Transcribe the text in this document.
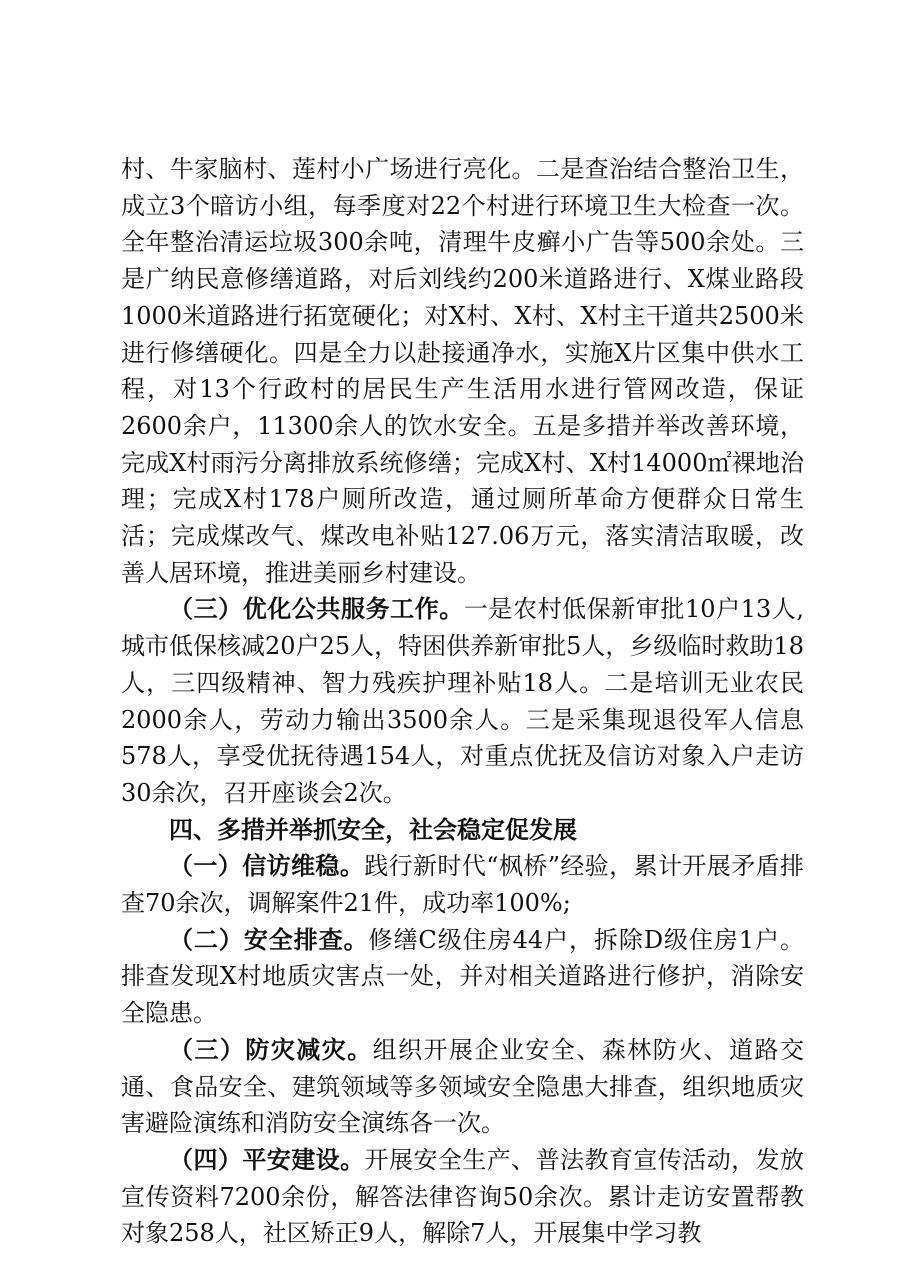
村、牛家脑村、莲村小广场进行亮化。二是查治结合整治卫生，成立3个暗访小组，每季度对22个村进行环境卫生大检查一次。全年整治清运垃圾300余吨，清理牛皮癣小广告等500余处。三是广纳民意修缮道路，对后刘线约200米道路进行、X煤业路段1000米道路进行拓宽硬化；对X村、X村、X村主干道共2500米进行修缮硬化。四是全力以赴接通净水，实施X片区集中供水工程，对13个行政村的居民生产生活用水进行管网改造，保证2600余户，11300余人的饮水安全。五是多措并举改善环境，完成X村雨污分离排放系统修缮；完成X村、X村14000㎡裸地治理；完成X村178户厕所改造，通过厕所革命方便群众日常生活；完成煤改气、煤改电补贴127.06万元，落实清洁取暖，改善人居环境，推进美丽乡村建设。

（三）优化公共服务工作。一是农村低保新审批10户13人,城市低保核减20户25人，特困供养新审批5人，乡级临时救助18人，三四级精神、智力残疾护理补贴18人。二是培训无业农民2000余人，劳动力输出3500余人。三是采集现退役军人信息578人，享受优抚待遇154人，对重点优抚及信访对象入户走访30余次，召开座谈会2次。

四、多措并举抓安全，社会稳定促发展

（一）信访维稳。践行新时代“枫桥”经验，累计开展矛盾排查70余次，调解案件21件，成功率100%;

（二）安全排查。修缮C级住房44户，拆除D级住房1户。排查发现X村地质灾害点一处，并对相关道路进行修护，消除安全隐患。

（三）防灾减灾。组织开展企业安全、森林防火、道路交通、食品安全、建筑领域等多领域安全隐患大排查，组织地质灾害避险演练和消防安全演练各一次。

（四）平安建设。开展安全生产、普法教育宣传活动，发放宣传资料7200余份，解答法律咨询50余次。累计走访安置帮教对象258人，社区矫正9人，解除7人，开展集中学习教
